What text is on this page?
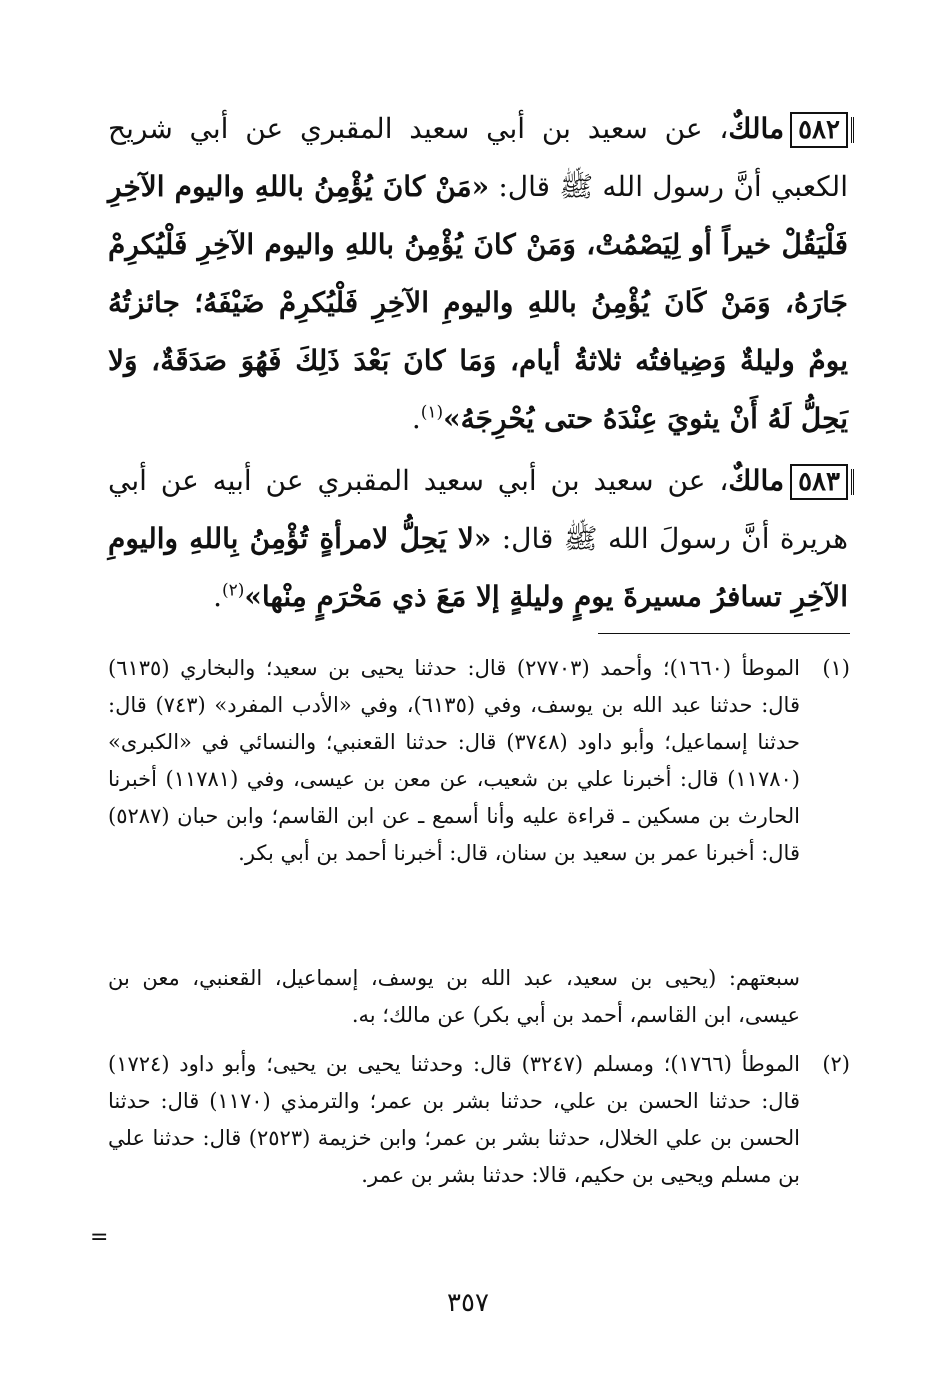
٥٨٢مالكٌ، عن سعيد بن أبي سعيد المقبري عن أبي شريح الكعبي أنَّ رسول الله ﷺ قال: «مَنْ كانَ يُؤْمِنُ باللهِ واليوم الآخِرِ فَلْيَقُلْ خيراً أو لِيَصْمُتْ، وَمَنْ كانَ يُؤْمِنُ باللهِ واليوم الآخِرِ فَلْيُكرِمْ جَارَهُ، وَمَنْ كَانَ يُؤْمِنُ باللهِ واليومِ الآخِرِ فَلْيُكرِمْ ضَيْفَهُ؛ جائزتُهُ يومٌ وليلةٌ وَضِيافتُه ثلاثةُ أيام، وَمَا كانَ بَعْدَ ذَلِكَ فَهُوَ صَدَقَةٌ، وَلا يَحِلُّ لَهُ أَنْ يثويَ عِنْدَهُ حتى يُحْرِجَهُ»$^{(١)}$.
٥٨٣مالكٌ، عن سعيد بن أبي سعيد المقبري عن أبيه عن أبي هريرة أنَّ رسولَ الله ﷺ قال: «لا يَحِلُّ لامرأةٍ تُؤْمِنُ بِاللهِ واليومِ الآخِرِ تسافرُ مسيرةَ يومٍ وليلةٍ إلا مَعَ ذي مَحْرَمٍ مِنْها»$^{(٢)}$.
(١)
الموطأ (١٦٦٠)؛ وأحمد (٢٧٧٠٣) قال: حدثنا يحيى بن سعيد؛ والبخاري (٦١٣٥) قال: حدثنا عبد الله بن يوسف، وفي (٦١٣٥)، وفي «الأدب المفرد» (٧٤٣) قال: حدثنا إسماعيل؛ وأبو داود (٣٧٤٨) قال: حدثنا القعنبي؛ والنسائي في «الكبرى» (١١٧٨٠) قال: أخبرنا علي بن شعيب، عن معن بن عيسى، وفي (١١٧٨١) أخبرنا الحارث بن مسكين ـ قراءة عليه وأنا أسمع ـ عن ابن القاسم؛ وابن حبان (٥٢٨٧) قال: أخبرنا عمر بن سعيد بن سنان، قال: أخبرنا أحمد بن أبي بكر.
سبعتهم: (يحيى بن سعيد، عبد الله بن يوسف، إسماعيل، القعنبي، معن بن عيسى، ابن القاسم، أحمد بن أبي بكر) عن مالك؛ به.
(٢)
الموطأ (١٧٦٦)؛ ومسلم (٣٢٤٧) قال: وحدثنا يحيى بن يحيى؛ وأبو داود (١٧٢٤) قال: حدثنا الحسن بن علي، حدثنا بشر بن عمر؛ والترمذي (١١٧٠) قال: حدثنا الحسن بن علي الخلال، حدثنا بشر بن عمر؛ وابن خزيمة (٢٥٢٣) قال: حدثنا علي بن مسلم ويحيى بن حكيم، قالا: حدثنا بشر بن عمر.
=
٣٥٧
